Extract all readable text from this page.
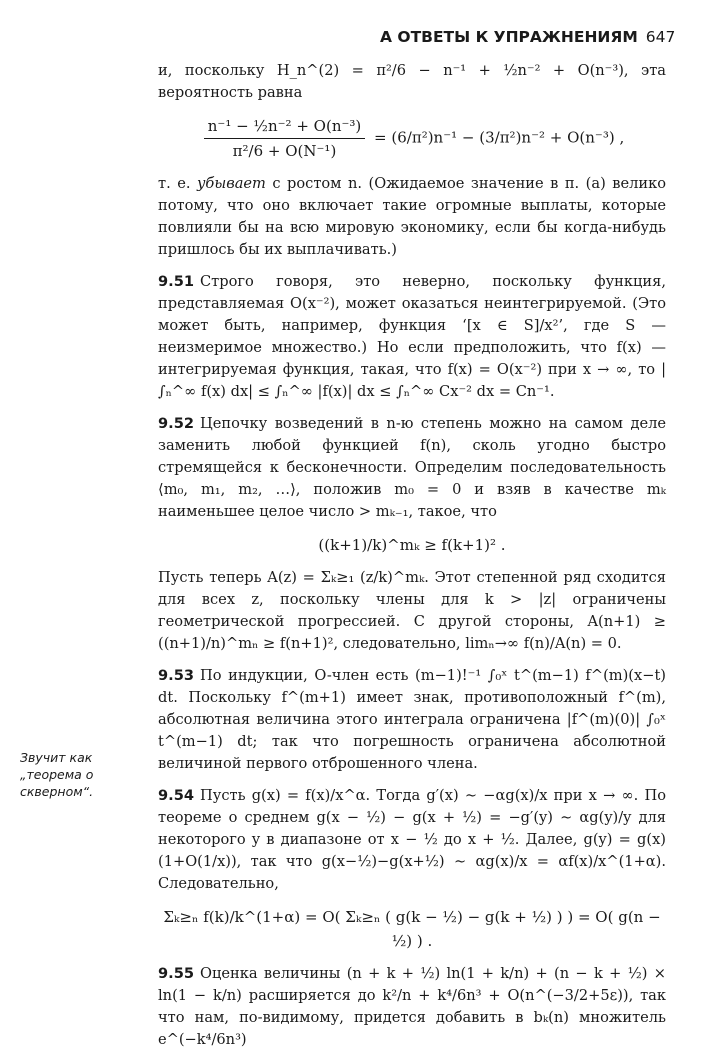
А ОТВЕТЫ К УПРАЖНЕНИЯМ 647
Звучит как „теорема о скверном“.

и, поскольку H_n^(2) = π²/6 − n⁻¹ + ½n⁻² + O(n⁻³), эта вероятность равна

$\frac{\text{n⁻¹ − ½n⁻² + O(n⁻³)}}{\text{π²/6 + O(N⁻¹)}} = (6/\pi^2)n^{-1} - (3/\pi^2)n^{-2} + O(n^{-3})$ ,

т. е. убывает с ростом n. (Ожидаемое значение в п. (a) велико потому, что оно включает такие огромные выплаты, которые повлияли бы на всю мировую экономику, если бы когда-нибудь пришлось бы их выплачивать.)

9.51 Строго говоря, это неверно, поскольку функция, представляемая O(x⁻²), может оказаться неинтегрируемой. (Это может быть, например, функция ‘[x ∈ S]/x²’, где S — неизмеримое множество.) Но если предположить, что f(x) — интегрируемая функция, такая, что f(x) = O(x⁻²) при x → ∞, то |∫ₙ^∞ f(x) dx| ≤ ∫ₙ^∞ |f(x)| dx ≤ ∫ₙ^∞ Cx⁻² dx = Cn⁻¹.

9.52 Цепочку возведений в n-ю степень можно на самом деле заменить любой функцией f(n), сколь угодно быстро стремящейся к бесконечности. Определим последовательность ⟨m₀, m₁, m₂, …⟩, положив m₀ = 0 и взяв в качестве mₖ наименьшее целое число > mₖ₋₁, такое, что

((k+1)/k)^mₖ ≥ f(k+1)² .

Пусть теперь A(z) = Σₖ≥₁ (z/k)^mₖ. Этот степенной ряд сходится для всех z, поскольку члены для k > |z| ограничены геометрической прогрессией. С другой стороны, A(n+1) ≥ ((n+1)/n)^mₙ ≥ f(n+1)², следовательно, limₙ→∞ f(n)/A(n) = 0.

9.53 По индукции, O-член есть (m−1)!⁻¹ ∫₀ˣ t^(m−1) f^(m)(x−t) dt. Поскольку f^(m+1) имеет знак, противоположный f^(m), абсолютная величина этого интеграла ограничена |f^(m)(0)| ∫₀ˣ t^(m−1) dt; так что погрешность ограничена абсолютной величиной первого отброшенного члена.

9.54 Пусть g(x) = f(x)/x^α. Тогда g′(x) ∼ −αg(x)/x при x → ∞. По теореме о среднем g(x − ½) − g(x + ½) = −g′(y) ∼ αg(y)/y для некоторого y в диапазоне от x − ½ до x + ½. Далее, g(y) = g(x)(1+O(1/x)), так что g(x−½)−g(x+½) ∼ αg(x)/x = αf(x)/x^(1+α). Следовательно,

Σₖ≥ₙ f(k)/k^(1+α) = O( Σₖ≥ₙ ( g(k − ½) − g(k + ½) ) ) = O( g(n − ½) ) .

9.55 Оценка величины (n + k + ½) ln(1 + k/n) + (n − k + ½) × ln(1 − k/n) расширяется до k²/n + k⁴/6n³ + O(n^(−3/2+5ε)), так что нам, по-видимому, придется добавить в bₖ(n) множитель e^(−k⁴/6n³)
